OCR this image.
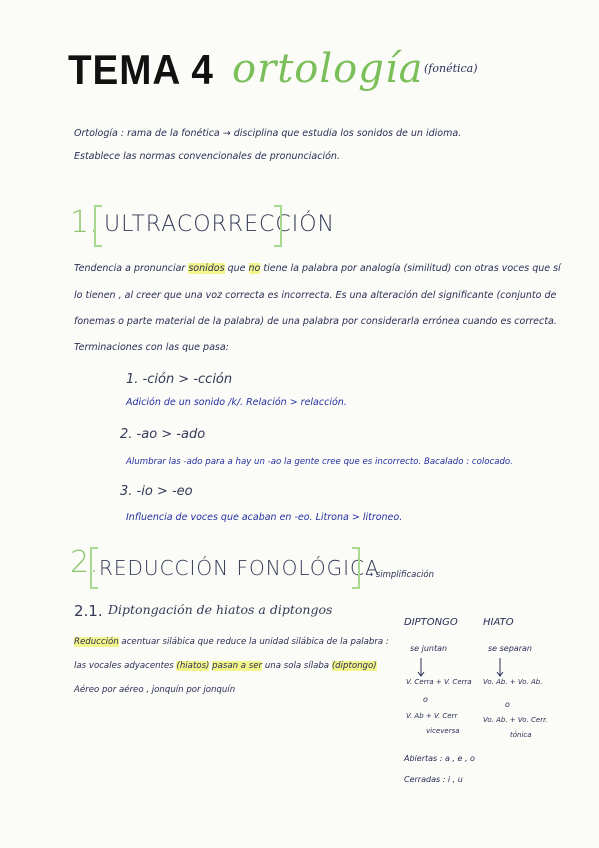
TEMA 4 ortología (fonética)
Ortología : rama de la fonética → disciplina que estudia los sonidos de un idioma.
Establece las normas convencionales de pronunciación.
1. ULTRACORRECCIÓN
Tendencia a pronunciar sonidos que no tiene la palabra por analogía (similitud) con otras voces que sí
lo tienen , al creer que una voz correcta es incorrecta. Es una alteración del significante (conjunto de
fonemas o parte material de la palabra) de una palabra por considerarla errónea cuando es correcta.
Terminaciones con las que pasa:
1. -ción > -cción
Adición de un sonido /k/. Relación > relacción.
2. -ao > -ado
Alumbrar las -ado para a hay un -ao la gente cree que es incorrecto. Bacalado : colocado.
3. -io > -eo
Influencia de voces que acaban en -eo. Litrona > litroneo.
2. REDUCCIÓN FONOLÓGICA
→ simplificación
2.1. Diptongación de hiatos a diptongos
Reducción acentuar silábica que reduce la unidad silábica de la palabra :
las vocales adyacentes (hiatos) pasan a ser una sola sílaba (diptongo)
Aéreo por aéreo , jonquín por jonquín
DIPTONGO	HIATO
se juntan	se separan
V. Cerra + V. Cerra Vo. Ab. + Vo. Ab.
o
o
V. Ab + V. Cerr
viceversa
Vo. Ab. + Vo. Cerr.
tónica
Abiertas : a , e , o
Cerradas : i , u
